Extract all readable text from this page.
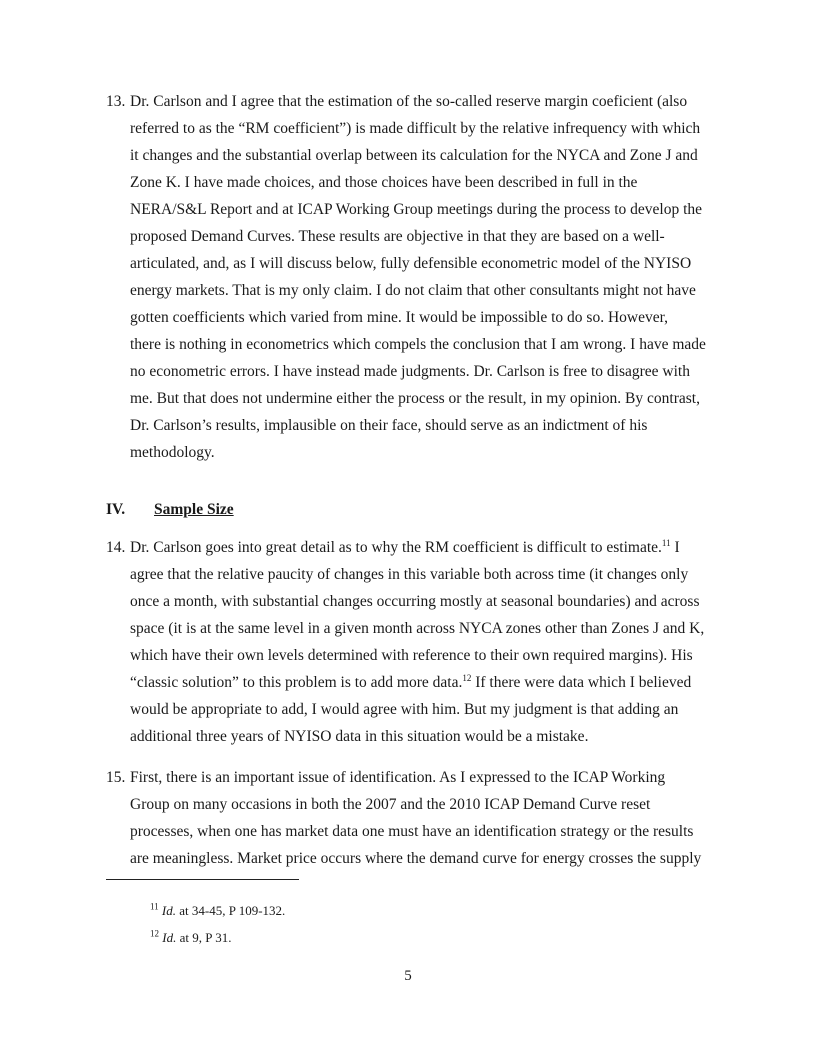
13. Dr. Carlson and I agree that the estimation of the so-called reserve margin coeficient (also
referred to as the “RM coefficient”) is made difficult by the relative infrequency with which
it changes and the substantial overlap between its calculation for the NYCA and Zone J and
Zone K. I have made choices, and those choices have been described in full in the
NERA/S&L Report and at ICAP Working Group meetings during the process to develop the
proposed Demand Curves. These results are objective in that they are based on a well-
articulated, and, as I will discuss below, fully defensible econometric model of the NYISO
energy markets. That is my only claim. I do not claim that other consultants might not have
gotten coefficients which varied from mine. It would be impossible to do so. However,
there is nothing in econometrics which compels the conclusion that I am wrong. I have made
no econometric errors. I have instead made judgments. Dr. Carlson is free to disagree with
me. But that does not undermine either the process or the result, in my opinion. By contrast,
Dr. Carlson’s results, implausible on their face, should serve as an indictment of his
methodology.
IV. Sample Size
14. Dr. Carlson goes into great detail as to why the RM coefficient is difficult to estimate.$^{11}$ I
agree that the relative paucity of changes in this variable both across time (it changes only
once a month, with substantial changes occurring mostly at seasonal boundaries) and across
space (it is at the same level in a given month across NYCA zones other than Zones J and K,
which have their own levels determined with reference to their own required margins). His
“classic solution” to this problem is to add more data.$^{12}$ If there were data which I believed
would be appropriate to add, I would agree with him. But my judgment is that adding an
additional three years of NYISO data in this situation would be a mistake.
15. First, there is an important issue of identification. As I expressed to the ICAP Working
Group on many occasions in both the 2007 and the 2010 ICAP Demand Curve reset
processes, when one has market data one must have an identification strategy or the results
are meaningless. Market price occurs where the demand curve for energy crosses the supply
$^{11}$ Id. at 34-45, P 109-132.
$^{12}$ Id. at 9, P 31.
5
